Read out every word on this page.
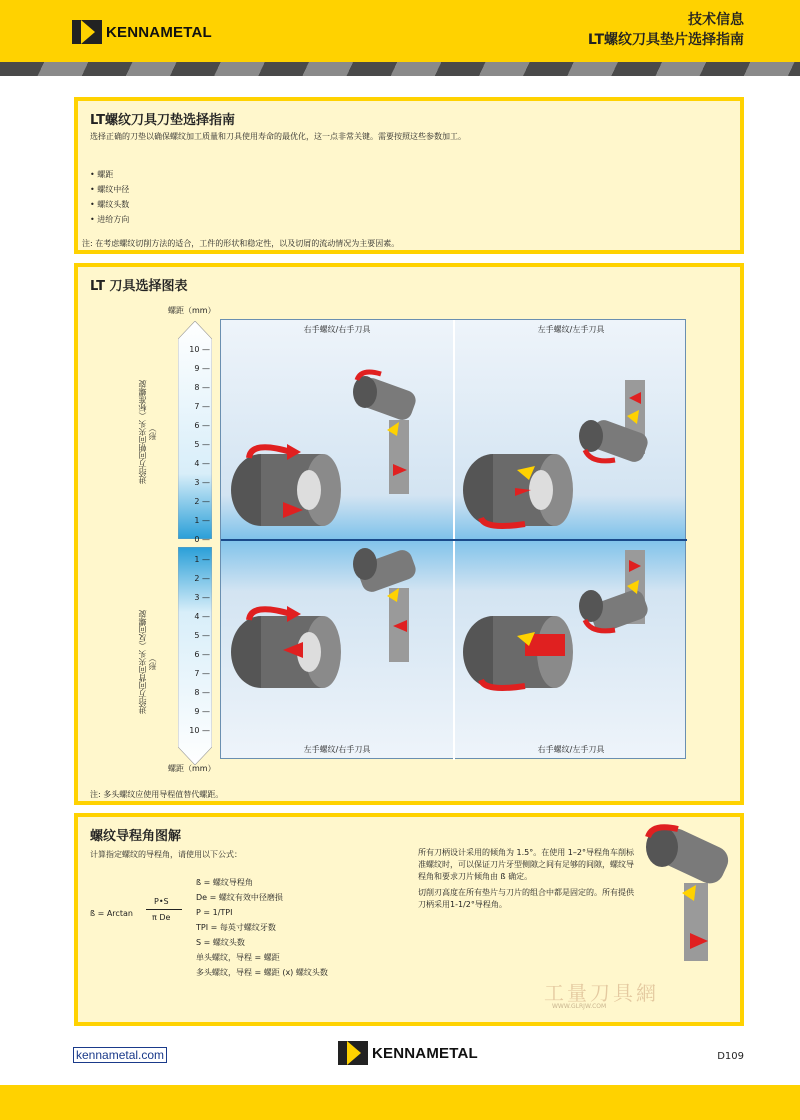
KENNAMETAL
技术信息
LT螺纹刀具垫片选择指南
LT螺纹刀具刀垫选择指南
选择正确的刀垫以确保螺纹加工质量和刀具使用寿命的最优化，这一点非常关键。需要按照这些参数加工。
• 螺距
• 螺纹中径
• 螺纹头数
• 进给方向
注: 在考虑螺纹切削方法的适合，工件的形状和稳定性，以及切屑的流动情况为主要因素。
LT 刀具选择图表
螺距（mm）
10 —
9 —
8 —
7 —
6 —
5 —
4 —
3 —
2 —
1 —
0 —
1 —
2 —
3 —
4 —
5 —
6 —
7 —
8 —
9 —
10 —
进给方向朝向夹头（标准螺旋形）
进给方向背向夹头（反向螺旋形）
螺距（mm）
右手螺纹/右手刀具	左手螺纹/左手刀具
左手螺纹/右手刀具	右手螺纹/左手刀具
注: 多头螺纹应使用导程值替代螺距。
螺纹导程角图解
计算指定螺纹的导程角，请使用以下公式：
ß = Arctan
P•S
π De
ß = 螺纹导程角
De = 螺纹有效中径磨损
P = 1/TPI
TPI = 每英寸螺纹牙数
S = 螺纹头数
单头螺纹，导程 = 螺距
多头螺纹，导程 = 螺距 (x) 螺纹头数
所有刀柄设计采用的倾角为 1.5°。在使用 1–2°导程角车削标准螺纹时，可以保证刀片牙型侧隙之间有足够的间隙，螺纹导程角和要求刀片倾角由 ß 确定。
切削刃高度在所有垫片与刀片的组合中都是固定的。所有提供刀柄采用1-1/2°导程角。
工量刀具網
WWW.GLRJW.COM
kennametal.com	KENNAMETAL	D109
